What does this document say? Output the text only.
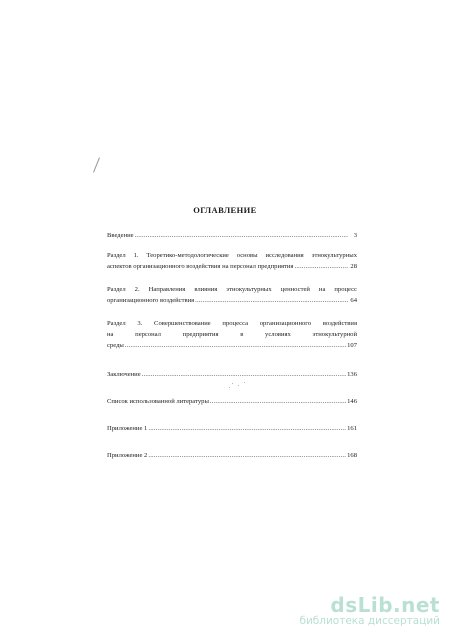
ОГЛАВЛЕНИЕ
Введение .....	3
Раздел 1. Теоретико-методологические основы исследования этнокультурных
аспектов организационного воздействия на персонал предприятия .....	28
Раздел 2. Направления влияния этнокультурных ценностей на процесс
организационного воздействия .....	64
Раздел 3. Совершенствование процесса организационного воздействия
на персонал предприятия в условиях этнокультурной
среды .....	107
Заключение .....	136
Список использованной литературы .....	146
Приложение 1 .....	161
Приложение 2 .....	168
dsLib.net
библиотека диссертаций
